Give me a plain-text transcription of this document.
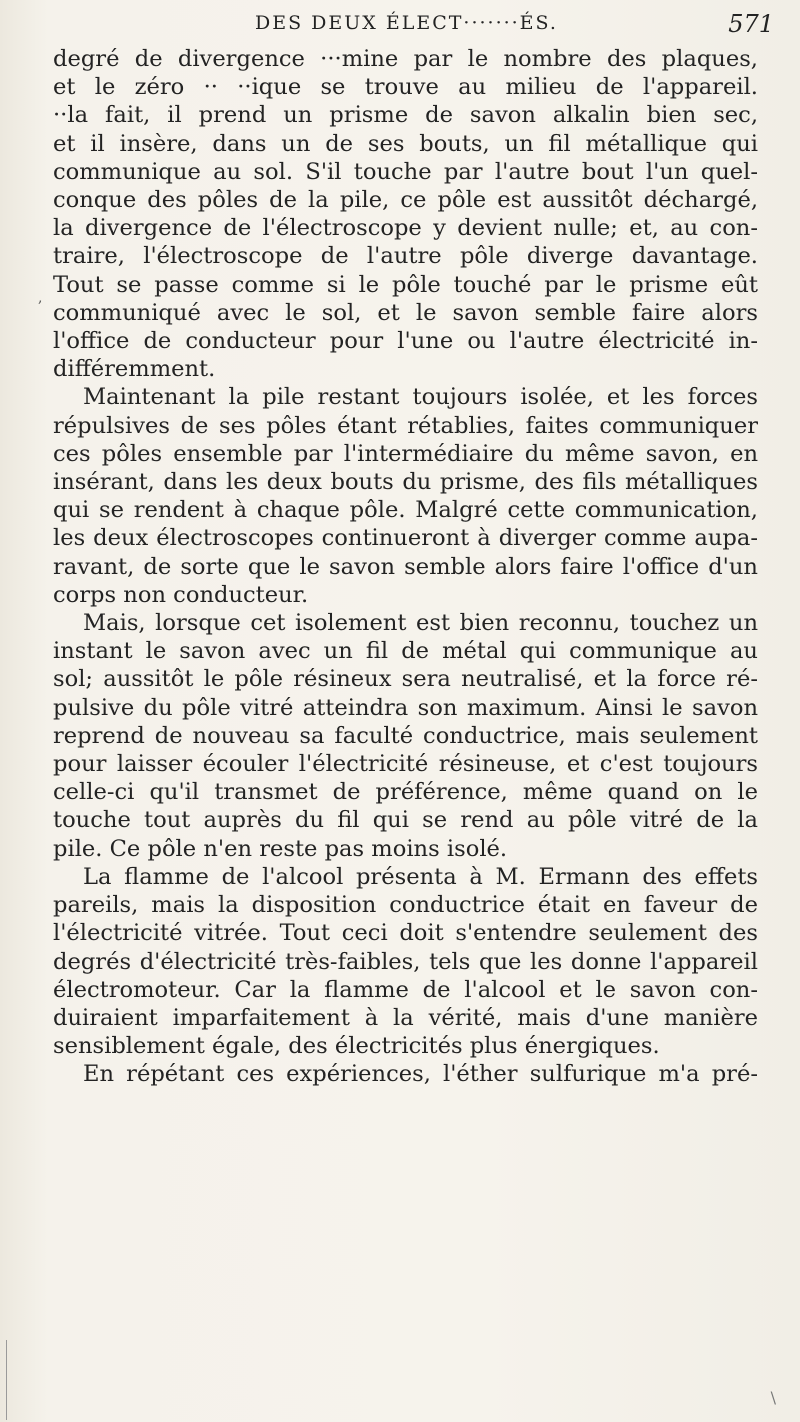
DES DEUX ÉLECT·······ÉS.	571
,
degré de divergence ···mine par le nombre des plaques,
et le zéro ·· ··ique se trouve au milieu de l'appareil.
··la fait, il prend un prisme de savon alkalin bien sec,
et il insère, dans un de ses bouts, un fil métallique qui
communique au sol. S'il touche par l'autre bout l'un quel-
conque des pôles de la pile, ce pôle est aussitôt déchargé,
la divergence de l'électroscope y devient nulle; et, au con-
traire, l'électroscope de l'autre pôle diverge davantage.
Tout se passe comme si le pôle touché par le prisme eût
communiqué avec le sol, et le savon semble faire alors
l'office de conducteur pour l'une ou l'autre électricité in-
différemment.
Maintenant la pile restant toujours isolée, et les forces
répulsives de ses pôles étant rétablies, faites communiquer
ces pôles ensemble par l'intermédiaire du même savon, en
insérant, dans les deux bouts du prisme, des fils métalliques
qui se rendent à chaque pôle. Malgré cette communication,
les deux électroscopes continueront à diverger comme aupa-
ravant, de sorte que le savon semble alors faire l'office d'un
corps non conducteur.
Mais, lorsque cet isolement est bien reconnu, touchez un
instant le savon avec un fil de métal qui communique au
sol; aussitôt le pôle résineux sera neutralisé, et la force ré-
pulsive du pôle vitré atteindra son maximum. Ainsi le savon
reprend de nouveau sa faculté conductrice, mais seulement
pour laisser écouler l'électricité résineuse, et c'est toujours
celle-ci qu'il transmet de préférence, même quand on le
touche tout auprès du fil qui se rend au pôle vitré de la
pile. Ce pôle n'en reste pas moins isolé.
La flamme de l'alcool présenta à M. Ermann des effets
pareils, mais la disposition conductrice était en faveur de
l'électricité vitrée. Tout ceci doit s'entendre seulement des
degrés d'électricité très-faibles, tels que les donne l'appareil
électromoteur. Car la flamme de l'alcool et le savon con-
duiraient imparfaitement à la vérité, mais d'une manière
sensiblement égale, des électricités plus énergiques.
En répétant ces expériences, l'éther sulfurique m'a pré-
\
